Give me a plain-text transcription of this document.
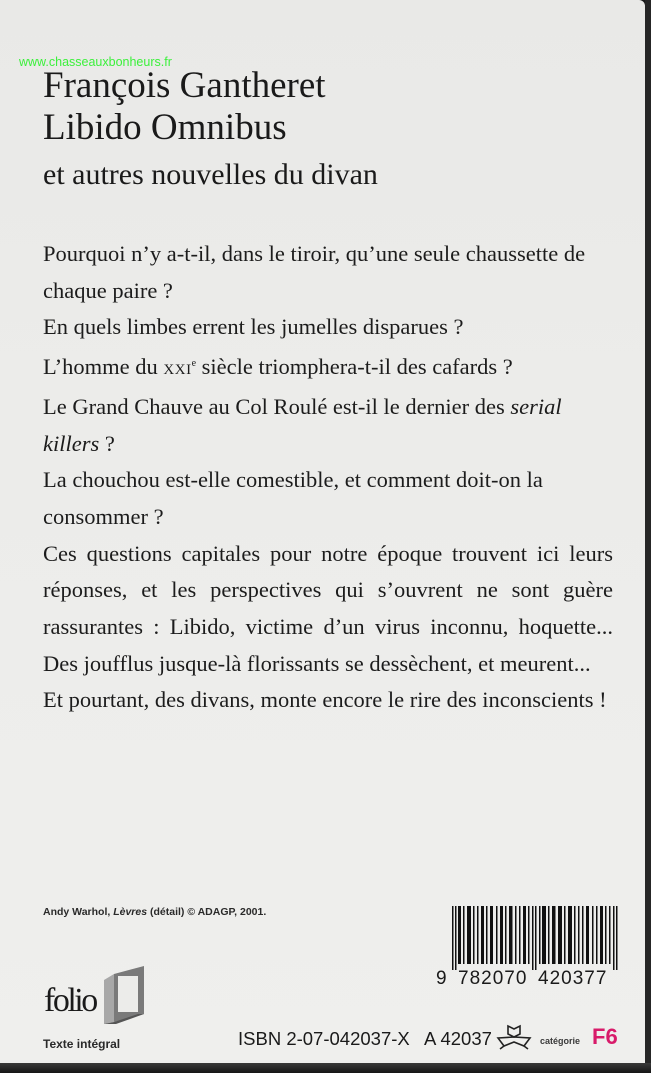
www.chasseauxbonheurs.fr
François Gantheret
Libido Omnibus
et autres nouvelles du divan

Pourquoi n’y a-t-il, dans le tiroir, qu’une seule chaussette de chaque paire ?

En quels limbes errent les jumelles disparues ?

L’homme du XXIe siècle triomphera-t-il des cafards ?

Le Grand Chauve au Col Roulé est-il le dernier des serial killers ?

La chouchou est-elle comestible, et comment doit-on la consommer ?

Ces questions capitales pour notre époque trouvent ici leurs réponses, et les perspectives qui s’ouvrent ne sont guère rassurantes : Libido, victime d’un virus inconnu, hoquette... Des joufflus jusque-là florissants se dessèchent, et meurent...

Et pourtant, des divans, monte encore le rire des inconscients !

Andy Warhol, Lèvres (détail) © ADAGP, 2001.
folio
Texte intégral
9 782070 420377
ISBN 2-07-042037-X A 42037	catégorie F6
